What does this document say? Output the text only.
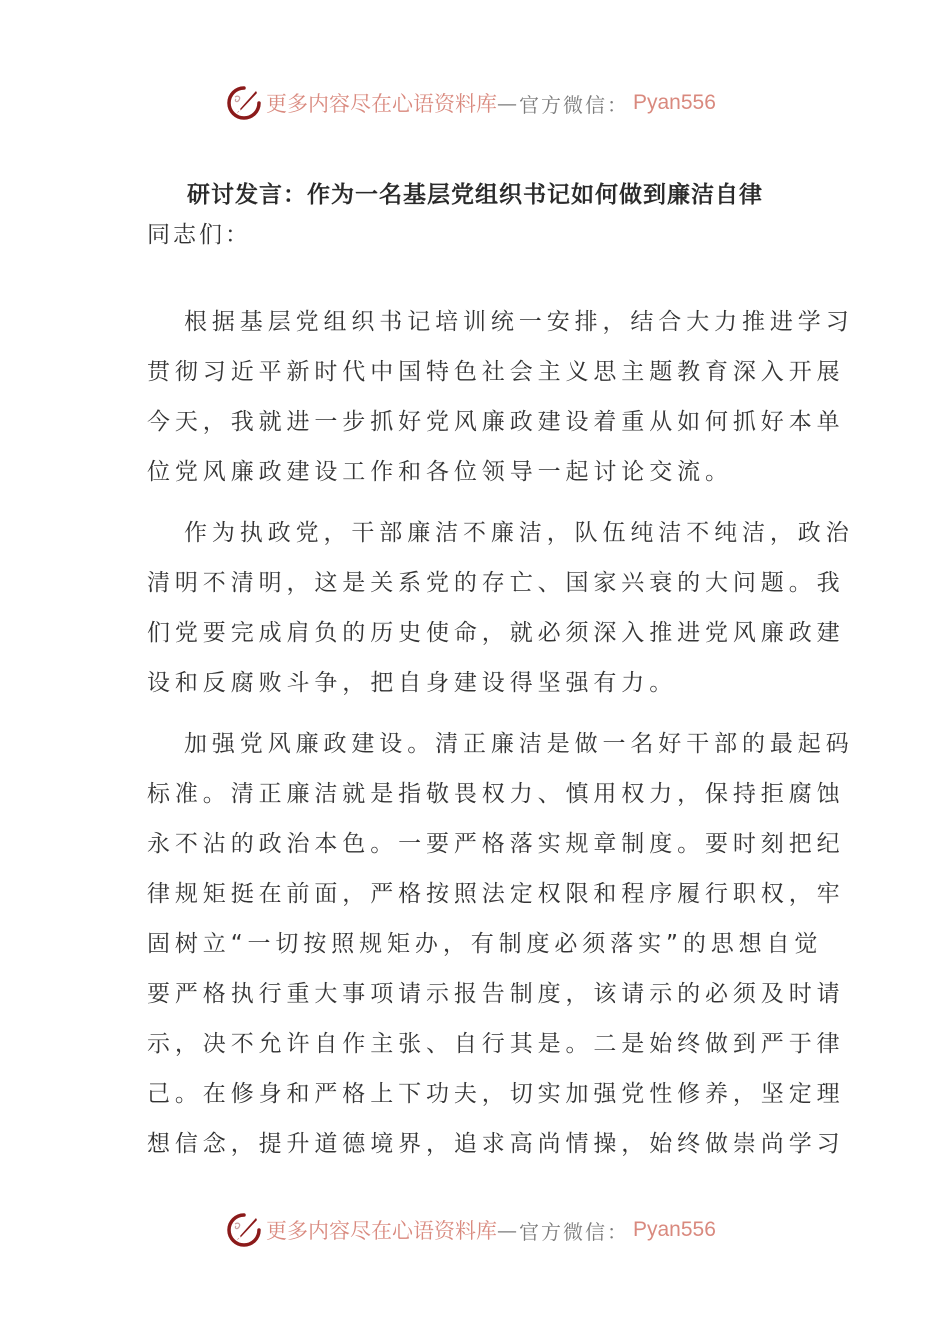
更多内容尽在心语资料库 — 官方微信： Pyan556
研讨发言：作为一名基层党组织书记如何做到廉洁自律
同志们：
根据基层党组织书记培训统一安排，结合大力推进学习
贯彻习近平新时代中国特色社会主义思主题教育深入开展
今天，我就进一步抓好党风廉政建设着重从如何抓好本单
位党风廉政建设工作和各位领导一起讨论交流。
作为执政党，干部廉洁不廉洁，队伍纯洁不纯洁，政治
清明不清明，这是关系党的存亡、国家兴衰的大问题。我
们党要完成肩负的历史使命，就必须深入推进党风廉政建
设和反腐败斗争，把自身建设得坚强有力。
加强党风廉政建设。清正廉洁是做一名好干部的最起码
标准。清正廉洁就是指敬畏权力、慎用权力，保持拒腐蚀
永不沾的政治本色。一要严格落实规章制度。要时刻把纪
律规矩挺在前面，严格按照法定权限和程序履行职权，牢
固树立“一切按照规矩办，有制度必须落实”的思想自觉
要严格执行重大事项请示报告制度，该请示的必须及时请
示，决不允许自作主张、自行其是。二是始终做到严于律
己。在修身和严格上下功夫，切实加强党性修养，坚定理
想信念，提升道德境界，追求高尚情操，始终做崇尚学习
更多内容尽在心语资料库 — 官方微信： Pyan556
